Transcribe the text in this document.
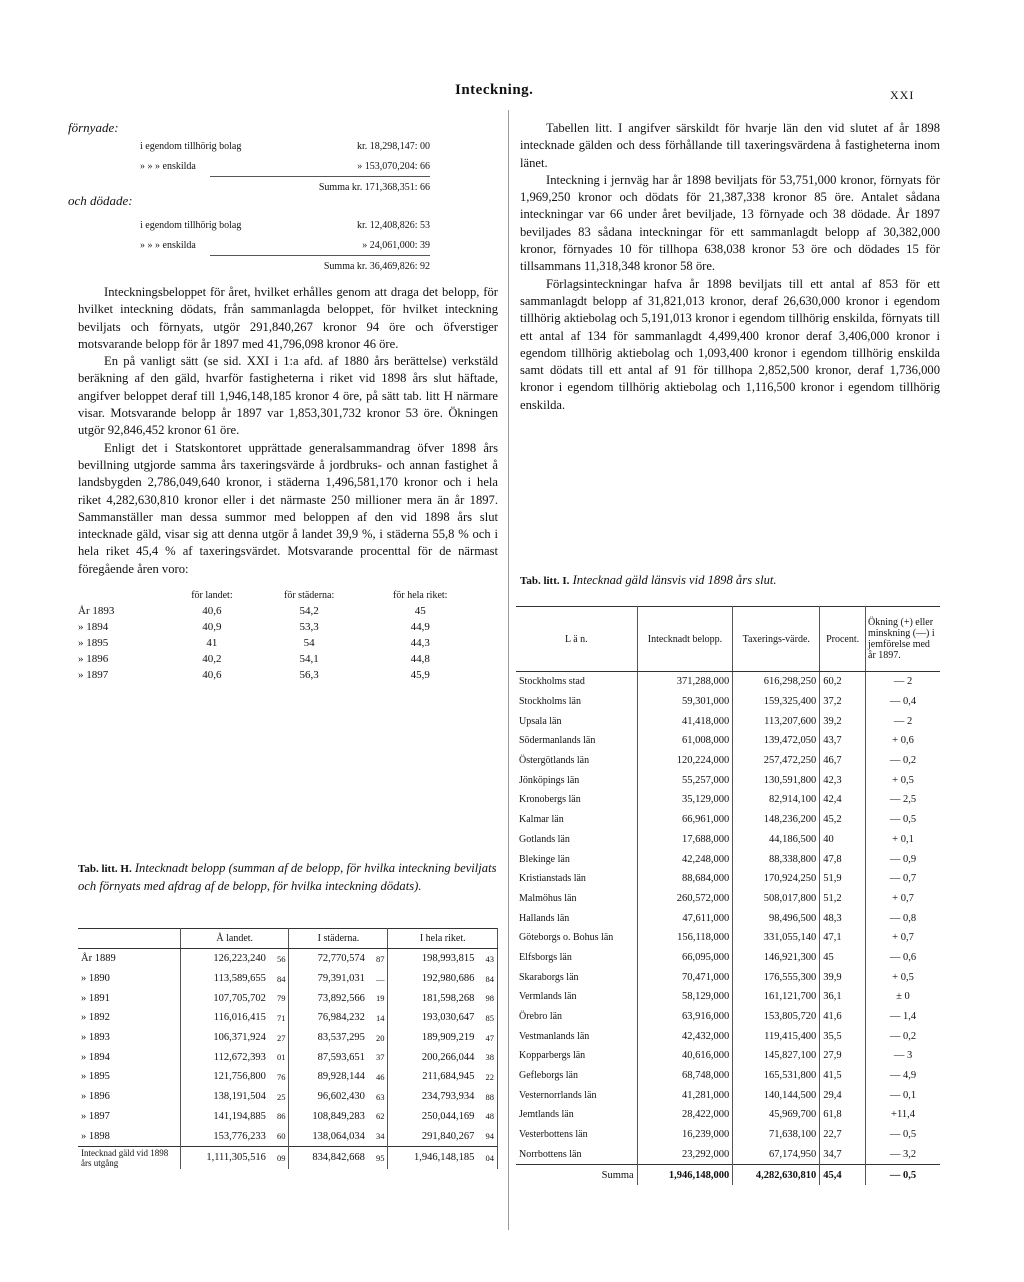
Inteckning.	XXI
förnyade:
i egendom tillhörig bolag	kr. 18,298,147: 00
» » » enskilda	» 153,070,204: 66
Summa kr. 171,368,351: 66
och dödade:
i egendom tillhörig bolag	kr. 12,408,826: 53
» » » enskilda	» 24,061,000: 39
Summa kr. 36,469,826: 92

Inteckningsbeloppet för året, hvilket erhålles genom att draga det belopp, för hvilket inteckning dödats, från sammanlagda beloppet, för hvilket inteckning beviljats och förnyats, utgör 291,840,267 kronor 94 öre och öfverstiger motsvarande belopp för år 1897 med 41,796,098 kronor 46 öre.

En på vanligt sätt (se sid. XXI i 1:a afd. af 1880 års berättelse) verkstäld beräkning af den gäld, hvarför fastigheterna i riket vid 1898 års slut häftade, angifver beloppet deraf till 1,946,148,185 kronor 4 öre, på sätt tab. litt H närmare visar. Motsvarande belopp år 1897 var 1,853,301,732 kronor 53 öre. Ökningen utgör 92,846,452 kronor 61 öre.

Enligt det i Statskontoret upprättade generalsammandrag öfver 1898 års bevillning utgjorde samma års taxeringsvärde å jordbruks- och annan fastighet å landsbygden 2,786,049,640 kronor, i städerna 1,496,581,170 kronor och i hela riket 4,282,630,810 kronor eller i det närmaste 250 millioner mera än år 1897. Sammanställer man dessa summor med beloppen af den vid 1898 års slut intecknade gäld, visar sig att denna utgör å landet 39,9 %, i städerna 55,8 % och i hela riket 45,4 % af taxeringsvärdet. Motsvarande procenttal för de närmast föregående åren voro:

	för landet:	för städerna:	för hela riket:
År 1893	40,6	54,2	45
» 1894	40,9	53,3	44,9
» 1895	41	54	44,3
» 1896	40,2	54,1	44,8
» 1897	40,6	56,3	45,9
Tab. litt. H. Intecknadt belopp (summan af de belopp, för hvilka inteckning beviljats och förnyats med afdrag af de belopp, för hvilka inteckning dödats).
	Å landet.		I städerna.		I hela riket.	
År 1889	126,223,240	56	72,770,574	87	198,993,815	43
» 1890	113,589,655	84	79,391,031	—	192,980,686	84
» 1891	107,705,702	79	73,892,566	19	181,598,268	98
» 1892	116,016,415	71	76,984,232	14	193,030,647	85
» 1893	106,371,924	27	83,537,295	20	189,909,219	47
» 1894	112,672,393	01	87,593,651	37	200,266,044	38
» 1895	121,756,800	76	89,928,144	46	211,684,945	22
» 1896	138,191,504	25	96,602,430	63	234,793,934	88
» 1897	141,194,885	86	108,849,283	62	250,044,169	48
» 1898	153,776,233	60	138,064,034	34	291,840,267	94
Intecknad gäld vid 1898 års utgång	1,111,305,516	09	834,842,668	95	1,946,148,185	04

Tabellen litt. I angifver särskildt för hvarje län den vid slutet af år 1898 intecknade gälden och dess förhållande till taxeringsvärdena å fastigheterna inom länet.

Inteckning i jernväg har år 1898 beviljats för 53,751,000 kronor, förnyats för 1,969,250 kronor och dödats för 21,387,338 kronor 85 öre. Antalet sådana inteckningar var 66 under året beviljade, 13 förnyade och 38 dödade. År 1897 beviljades 83 sådana inteckningar för ett sammanlagdt belopp af 30,382,000 kronor, förnyades 10 för tillhopa 638,038 kronor 53 öre och dödades 15 för tillsammans 11,318,348 kronor 58 öre.

Förlagsinteckningar hafva år 1898 beviljats till ett antal af 853 för ett sammanlagdt belopp af 31,821,013 kronor, deraf 26,630,000 kronor i egendom tillhörig aktiebolag och 5,191,013 kronor i egendom tillhörig enskilda, förnyats till ett antal af 134 för sammanlagdt 4,499,400 kronor deraf 3,406,000 kronor i egendom tillhörig aktiebolag och 1,093,400 kronor i egendom tillhörig enskilda samt dödats till ett antal af 91 för tillhopa 2,852,500 kronor, deraf 1,736,000 kronor i egendom tillhörig aktiebolag och 1,116,500 kronor i egendom tillhörig enskilda.

Tab. litt. I. Intecknad gäld länsvis vid 1898 års slut.
L ä n.	Intecknadt belopp.	Taxerings-värde.	Procent.	Ökning (+) eller minskning (—) i jemförelse med år 1897.
Stockholms stad	371,288,000	616,298,250	60,2	— 2
Stockholms län	59,301,000	159,325,400	37,2	— 0,4
Upsala län	41,418,000	113,207,600	39,2	— 2
Södermanlands län	61,008,000	139,472,050	43,7	+ 0,6
Östergötlands län	120,224,000	257,472,250	46,7	— 0,2
Jönköpings län	55,257,000	130,591,800	42,3	+ 0,5
Kronobergs län	35,129,000	82,914,100	42,4	— 2,5
Kalmar län	66,961,000	148,236,200	45,2	— 0,5
Gotlands län	17,688,000	44,186,500	40	+ 0,1
Blekinge län	42,248,000	88,338,800	47,8	— 0,9
Kristianstads län	88,684,000	170,924,250	51,9	— 0,7
Malmöhus län	260,572,000	508,017,800	51,2	+ 0,7
Hallands län	47,611,000	98,496,500	48,3	— 0,8
Göteborgs o. Bohus län	156,118,000	331,055,140	47,1	+ 0,7
Elfsborgs län	66,095,000	146,921,300	45	— 0,6
Skaraborgs län	70,471,000	176,555,300	39,9	+ 0,5
Vermlands län	58,129,000	161,121,700	36,1	± 0
Örebro län	63,916,000	153,805,720	41,6	— 1,4
Vestmanlands län	42,432,000	119,415,400	35,5	— 0,2
Kopparbergs län	40,616,000	145,827,100	27,9	— 3
Gefleborgs län	68,748,000	165,531,800	41,5	— 4,9
Vesternorrlands län	41,281,000	140,144,500	29,4	— 0,1
Jemtlands län	28,422,000	45,969,700	61,8	+11,4
Vesterbottens län	16,239,000	71,638,100	22,7	— 0,5
Norrbottens län	23,292,000	67,174,950	34,7	— 3,2
Summa	1,946,148,000	4,282,630,810	45,4	— 0,5
